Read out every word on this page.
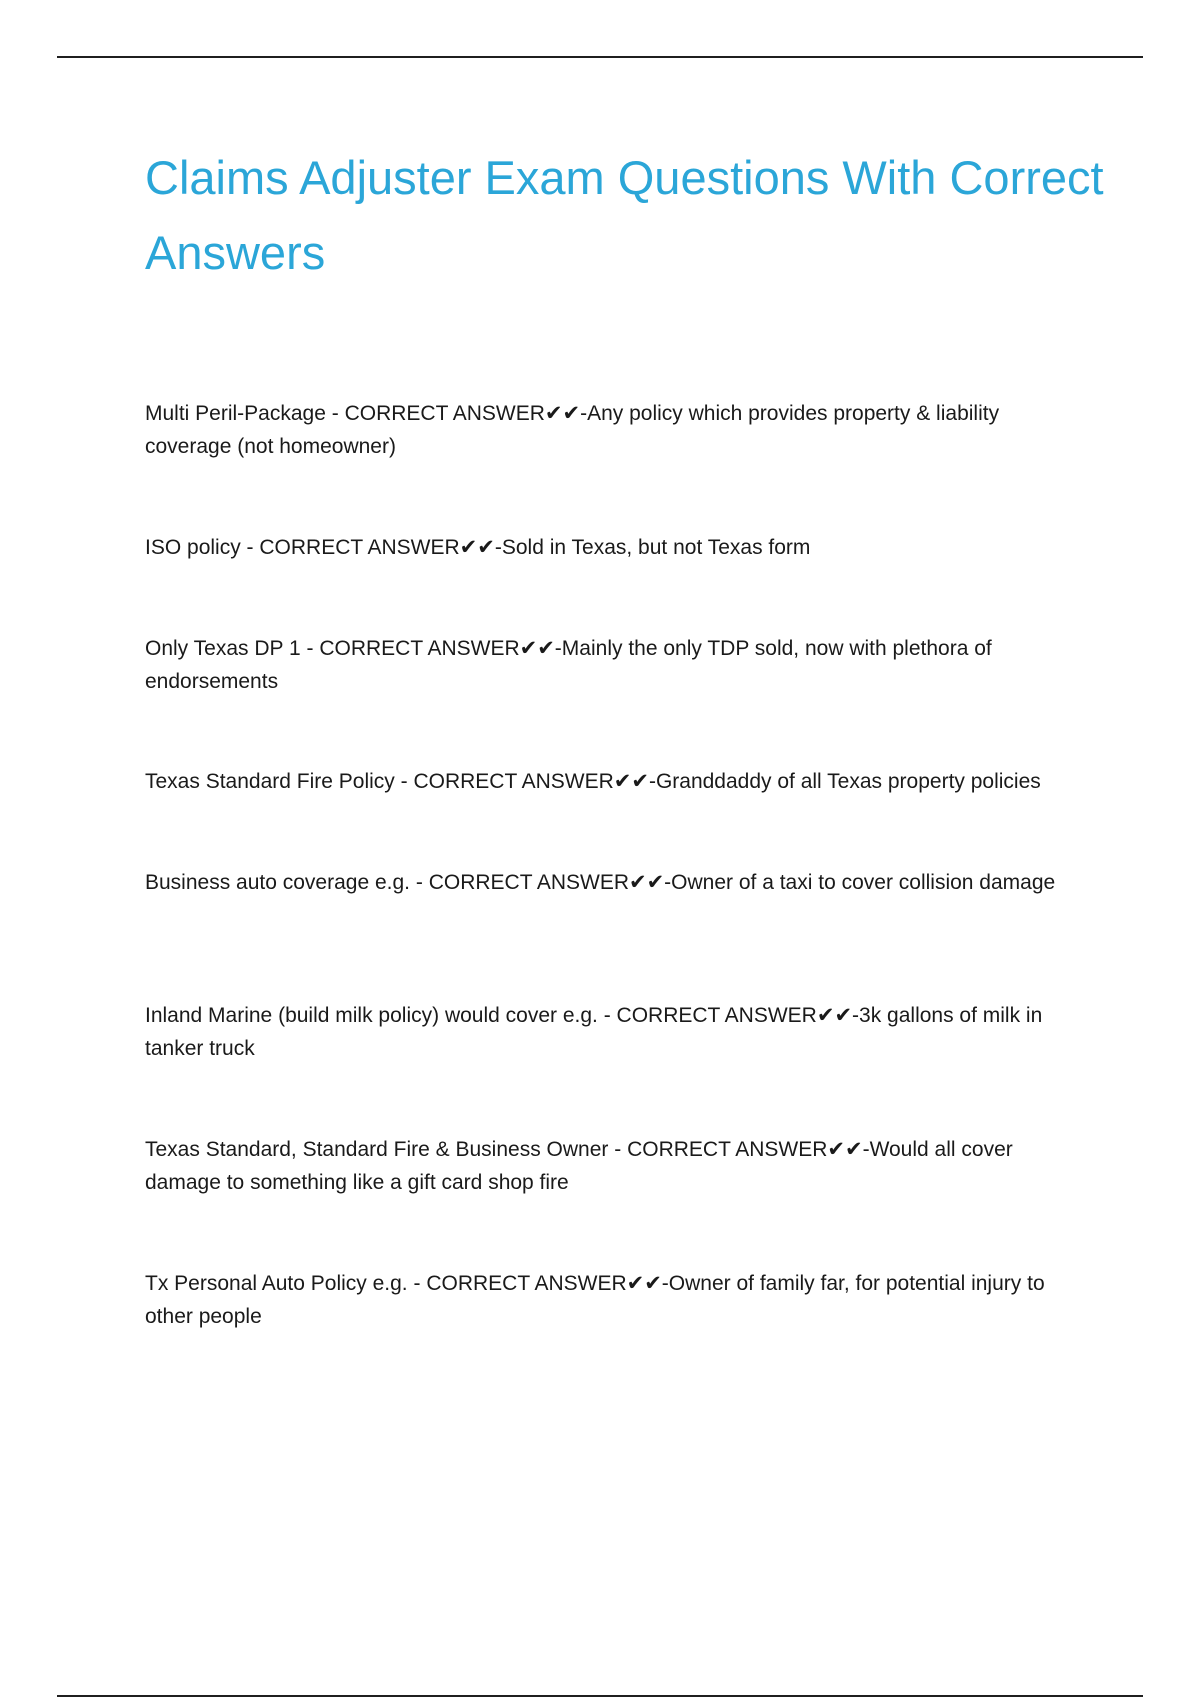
Claims Adjuster Exam Questions With Correct Answers

Multi Peril-Package - CORRECT ANSWER✔✔-Any policy which provides property & liability coverage (not homeowner)

ISO policy - CORRECT ANSWER✔✔-Sold in Texas, but not Texas form

Only Texas DP 1 - CORRECT ANSWER✔✔-Mainly the only TDP sold, now with plethora of endorsements

Texas Standard Fire Policy - CORRECT ANSWER✔✔-Granddaddy of all Texas property policies

Business auto coverage e.g. - CORRECT ANSWER✔✔-Owner of a taxi to cover collision damage

Inland Marine (build milk policy) would cover e.g. - CORRECT ANSWER✔✔-3k gallons of milk in tanker truck

Texas Standard, Standard Fire & Business Owner - CORRECT ANSWER✔✔-Would all cover damage to something like a gift card shop fire

Tx Personal Auto Policy e.g. - CORRECT ANSWER✔✔-Owner of family far, for potential injury to other people
